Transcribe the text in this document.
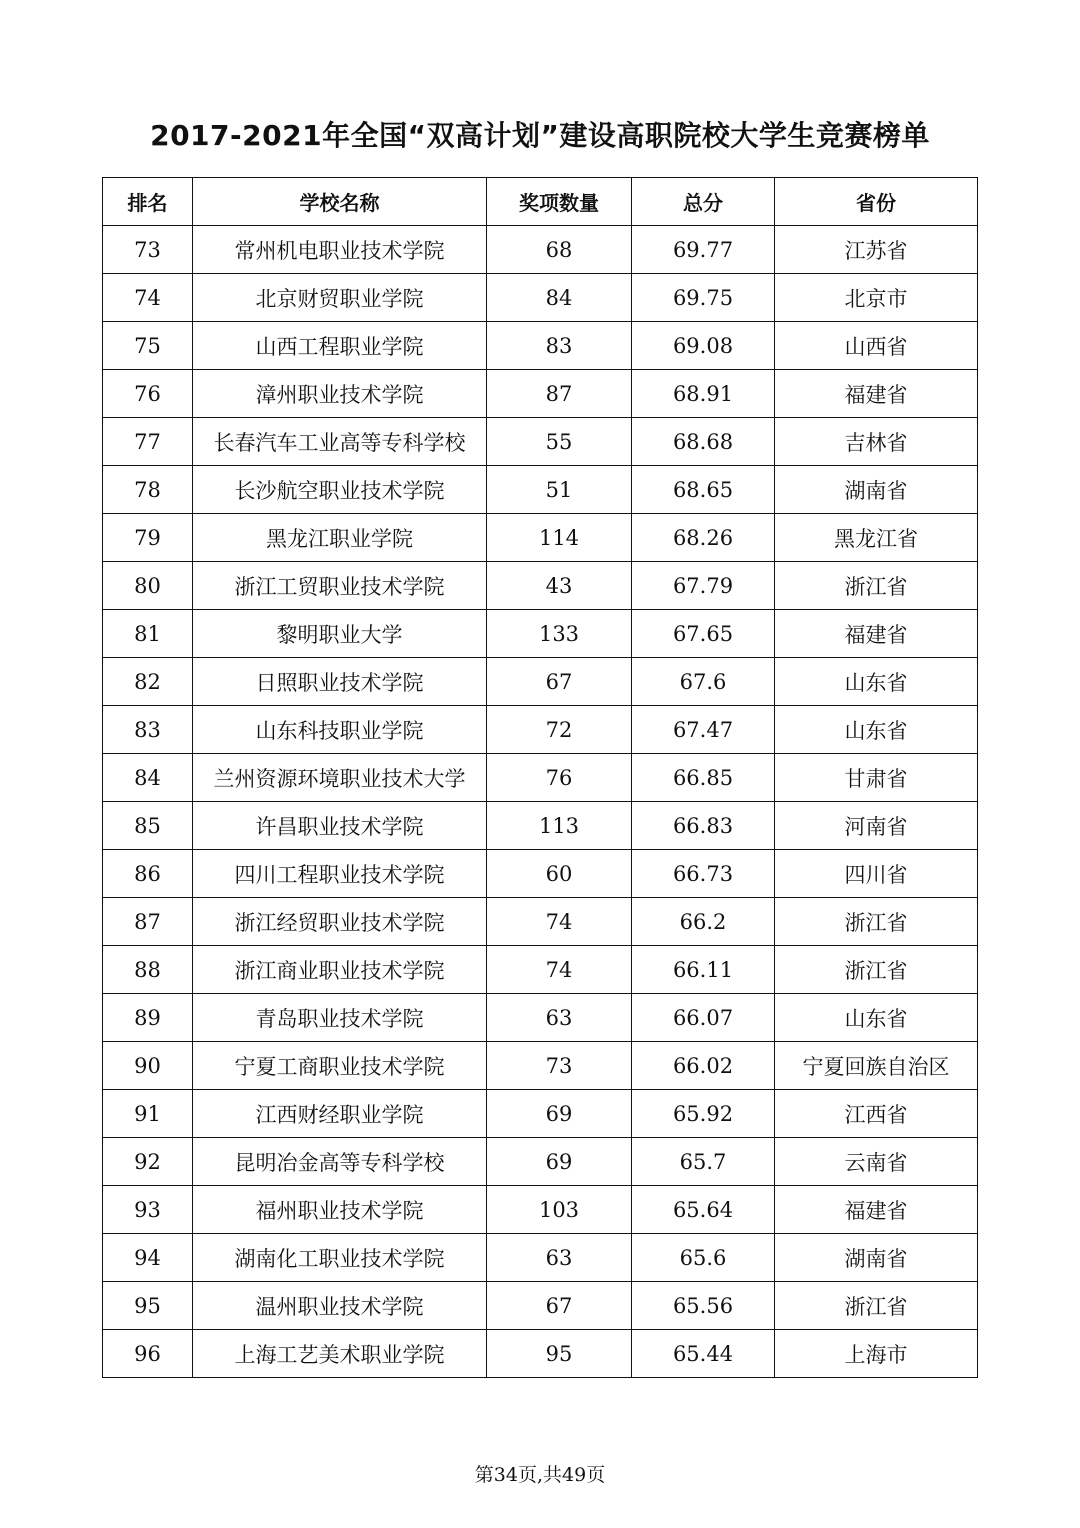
2017-2021年全国“双高计划”建设高职院校大学生竞赛榜单
排名	学校名称	奖项数量	总分	省份
73	常州机电职业技术学院	68	69.77	江苏省
74	北京财贸职业学院	84	69.75	北京市
75	山西工程职业学院	83	69.08	山西省
76	漳州职业技术学院	87	68.91	福建省
77	长春汽车工业高等专科学校	55	68.68	吉林省
78	长沙航空职业技术学院	51	68.65	湖南省
79	黑龙江职业学院	114	68.26	黑龙江省
80	浙江工贸职业技术学院	43	67.79	浙江省
81	黎明职业大学	133	67.65	福建省
82	日照职业技术学院	67	67.6	山东省
83	山东科技职业学院	72	67.47	山东省
84	兰州资源环境职业技术大学	76	66.85	甘肃省
85	许昌职业技术学院	113	66.83	河南省
86	四川工程职业技术学院	60	66.73	四川省
87	浙江经贸职业技术学院	74	66.2	浙江省
88	浙江商业职业技术学院	74	66.11	浙江省
89	青岛职业技术学院	63	66.07	山东省
90	宁夏工商职业技术学院	73	66.02	宁夏回族自治区
91	江西财经职业学院	69	65.92	江西省
92	昆明冶金高等专科学校	69	65.7	云南省
93	福州职业技术学院	103	65.64	福建省
94	湖南化工职业技术学院	63	65.6	湖南省
95	温州职业技术学院	67	65.56	浙江省
96	上海工艺美术职业学院	95	65.44	上海市
第34页,共49页
